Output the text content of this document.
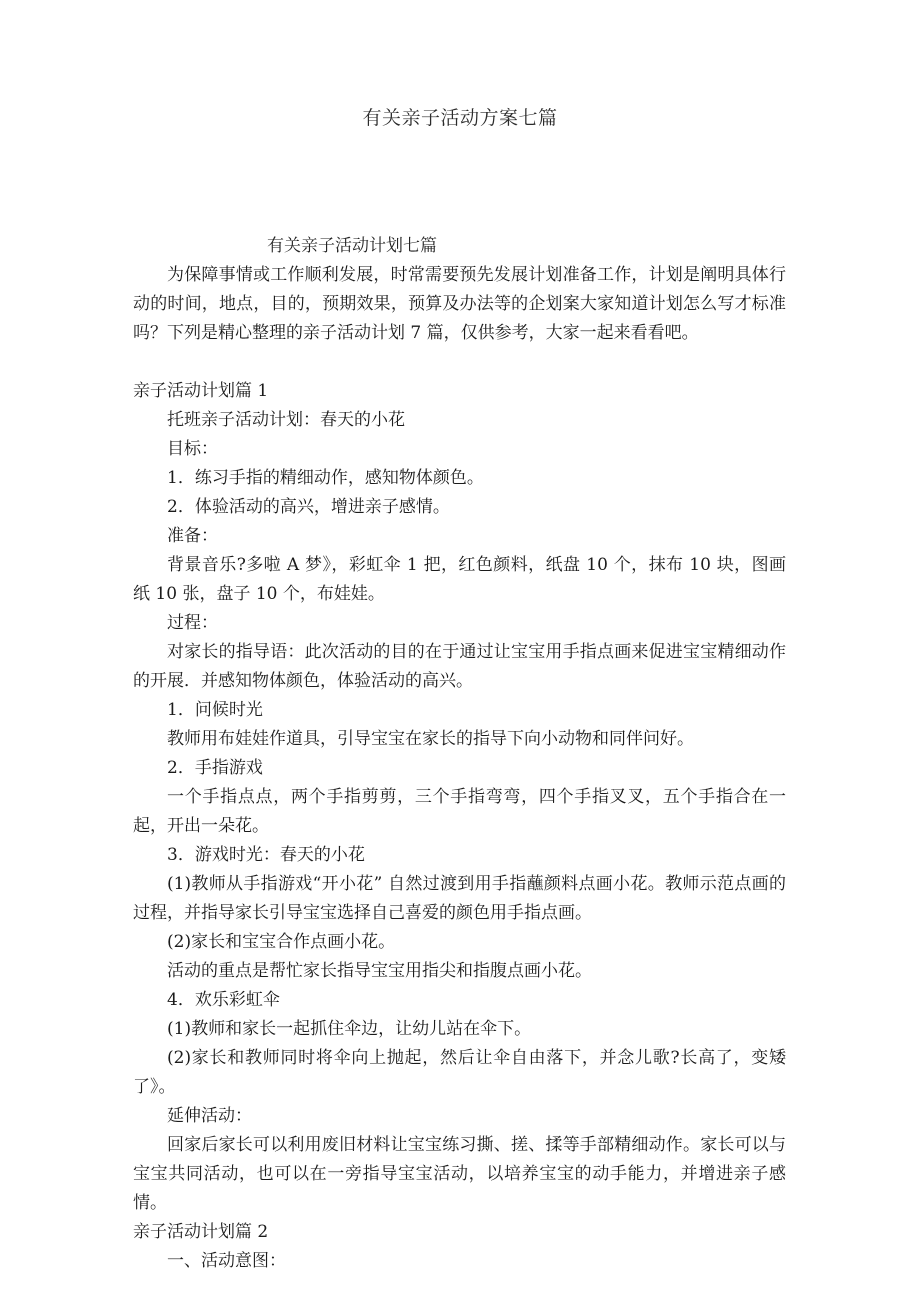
有关亲子活动方案七篇
有关亲子活动计划七篇

为保障事情或工作顺利发展，时常需要预先发展计划准备工作，计划是阐明具体行动的时间，地点，目的，预期效果，预算及办法等的企划案大家知道计划怎么写才标准吗？下列是精心整理的亲子活动计划 7 篇，仅供参考，大家一起来看看吧。

亲子活动计划篇 1

托班亲子活动计划：春天的小花

目标：

1．练习手指的精细动作，感知物体颜色。

2．体验活动的高兴，增进亲子感情。

准备：

背景音乐?多啦 A 梦》，彩虹伞 1 把，红色颜料，纸盘 10 个，抹布 10 块，图画纸 10 张，盘子 10 个，布娃娃。

过程：

对家长的指导语：此次活动的目的在于通过让宝宝用手指点画来促进宝宝精细动作的开展．并感知物体颜色，体验活动的高兴。

1．问候时光

教师用布娃娃作道具，引导宝宝在家长的指导下向小动物和同伴问好。

2．手指游戏

一个手指点点，两个手指剪剪，三个手指弯弯，四个手指叉叉，五个手指合在一起，开出一朵花。

3．游戏时光：春天的小花

(1)教师从手指游戏“开小花” 自然过渡到用手指蘸颜料点画小花。教师示范点画的过程，并指导家长引导宝宝选择自己喜爱的颜色用手指点画。

(2)家长和宝宝合作点画小花。

活动的重点是帮忙家长指导宝宝用指尖和指腹点画小花。

4．欢乐彩虹伞

(1)教师和家长一起抓住伞边，让幼儿站在伞下。

(2)家长和教师同时将伞向上抛起，然后让伞自由落下，并念儿歌?长高了，变矮了》。

延伸活动：

回家后家长可以利用废旧材料让宝宝练习撕、搓、揉等手部精细动作。家长可以与宝宝共同活动，也可以在一旁指导宝宝活动，以培养宝宝的动手能力，并增进亲子感情。

亲子活动计划篇 2

一、活动意图：
